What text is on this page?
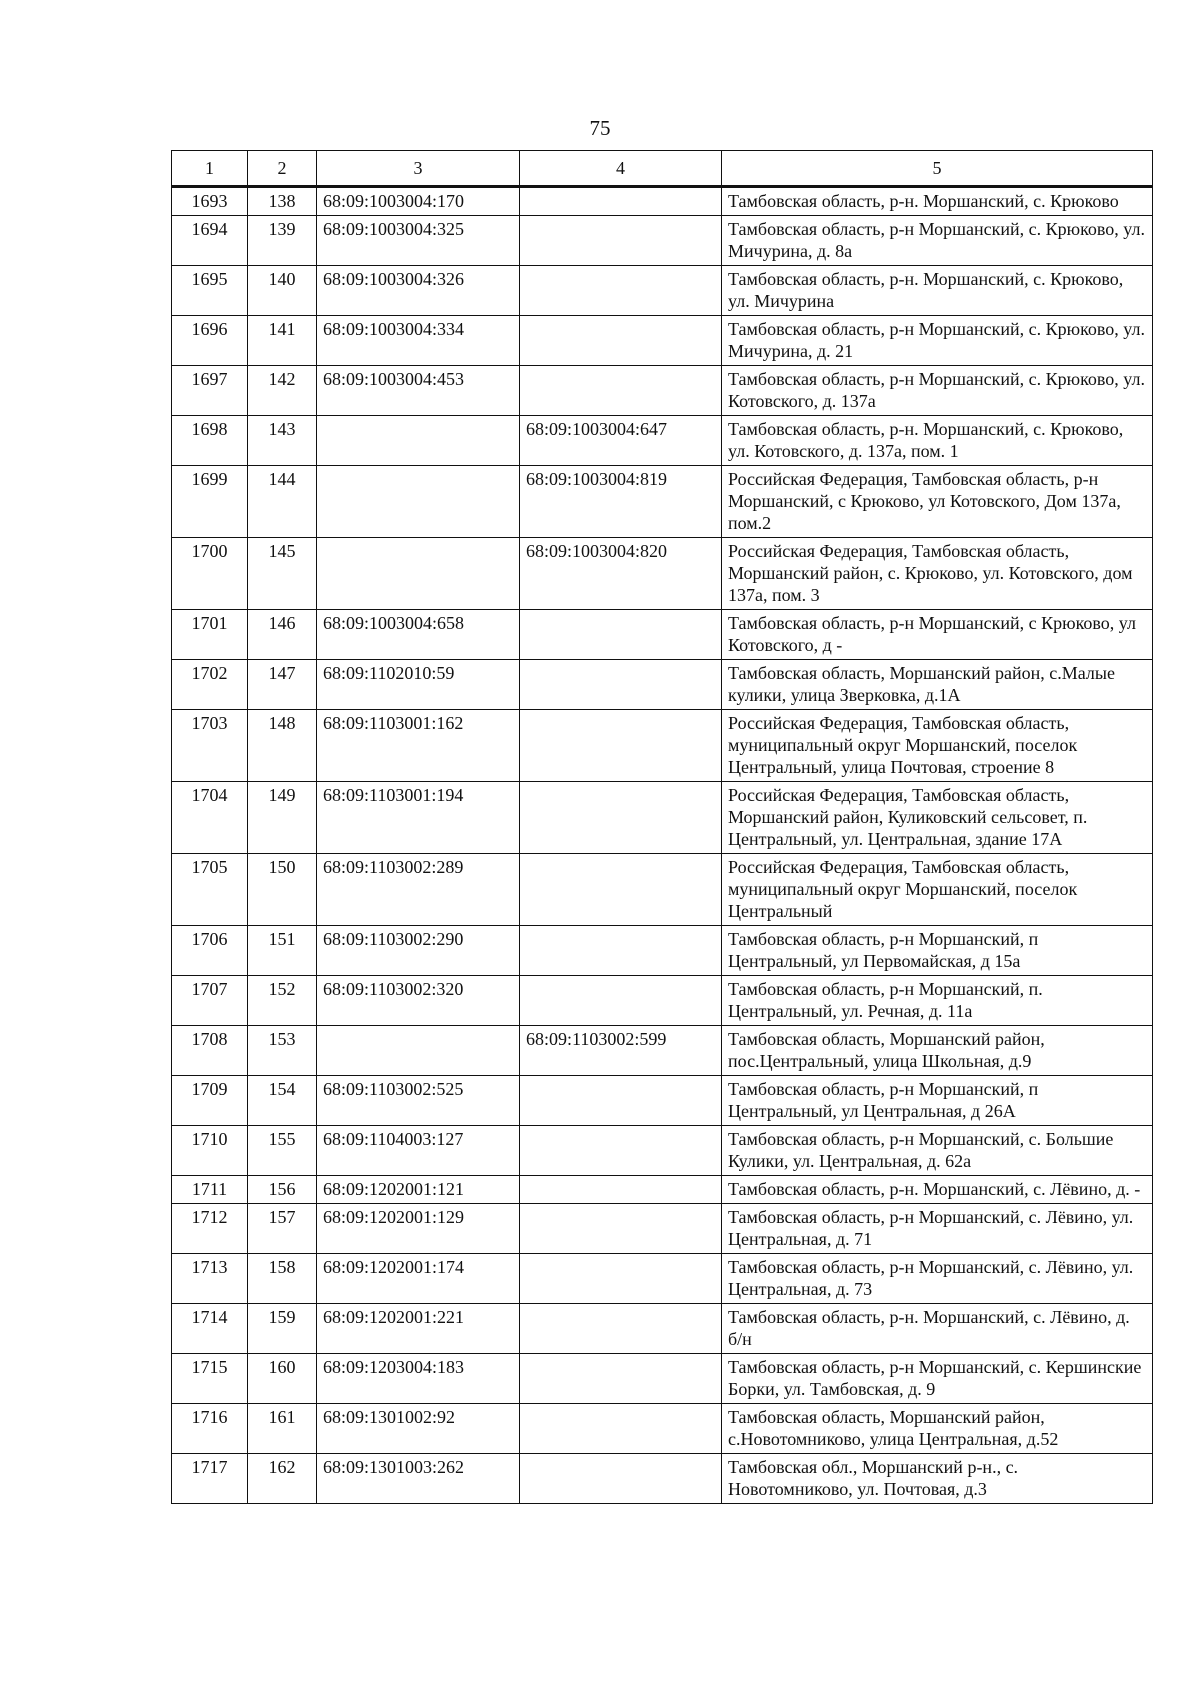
75
1	2	3	4	5
1693	138	68:09:1003004:170		Тамбовская область, р-н. Моршанский, с. Крюково
1694	139	68:09:1003004:325		Тамбовская область, р-н Моршанский, с. Крюково, ул. Мичурина, д. 8а
1695	140	68:09:1003004:326		Тамбовская область, р-н. Моршанский, с. Крюково, ул. Мичурина
1696	141	68:09:1003004:334		Тамбовская область, р-н Моршанский, с. Крюково, ул. Мичурина, д. 21
1697	142	68:09:1003004:453		Тамбовская область, р-н Моршанский, с. Крюково, ул. Котовского, д. 137а
1698	143		68:09:1003004:647	Тамбовская область, р-н. Моршанский, с. Крюково, ул. Котовского, д. 137а, пом. 1
1699	144		68:09:1003004:819	Российская Федерация, Тамбовская область, р-н Моршанский, с Крюково, ул Котовского, Дом 137а, пом.2
1700	145		68:09:1003004:820	Российская Федерация, Тамбовская область, Моршанский район, с. Крюково, ул. Котовского, дом 137а, пом. 3
1701	146	68:09:1003004:658		Тамбовская область, р-н Моршанский, с Крюково, ул Котовского, д -
1702	147	68:09:1102010:59		Тамбовская область, Моршанский район, с.Малые кулики, улица Зверковка, д.1А
1703	148	68:09:1103001:162		Российская Федерация, Тамбовская область, муниципальный округ Моршанский, поселок Центральный, улица Почтовая, строение 8
1704	149	68:09:1103001:194		Российская Федерация, Тамбовская область, Моршанский район, Куликовский сельсовет, п. Центральный, ул. Центральная, здание 17А
1705	150	68:09:1103002:289		Российская Федерация, Тамбовская область, муниципальный округ Моршанский, поселок Центральный
1706	151	68:09:1103002:290		Тамбовская область, р-н Моршанский, п Центральный, ул Первомайская, д 15а
1707	152	68:09:1103002:320		Тамбовская область, р-н Моршанский, п. Центральный, ул. Речная, д. 11а
1708	153		68:09:1103002:599	Тамбовская область, Моршанский район, пос.Центральный, улица Школьная, д.9
1709	154	68:09:1103002:525		Тамбовская область, р-н Моршанский, п Центральный, ул Центральная, д 26А
1710	155	68:09:1104003:127		Тамбовская область, р-н Моршанский, с. Большие Кулики, ул. Центральная, д. 62а
1711	156	68:09:1202001:121		Тамбовская область, р-н. Моршанский, с. Лёвино, д. -
1712	157	68:09:1202001:129		Тамбовская область, р-н Моршанский, с. Лёвино, ул. Центральная, д. 71
1713	158	68:09:1202001:174		Тамбовская область, р-н Моршанский, с. Лёвино, ул. Центральная, д. 73
1714	159	68:09:1202001:221		Тамбовская область, р-н. Моршанский, с. Лёвино, д. б/н
1715	160	68:09:1203004:183		Тамбовская область, р-н Моршанский, с. Кершинские Борки, ул. Тамбовская, д. 9
1716	161	68:09:1301002:92		Тамбовская область, Моршанский район, с.Новотомниково, улица Центральная, д.52
1717	162	68:09:1301003:262		Тамбовская обл., Моршанский р-н., с. Новотомниково, ул. Почтовая, д.3
